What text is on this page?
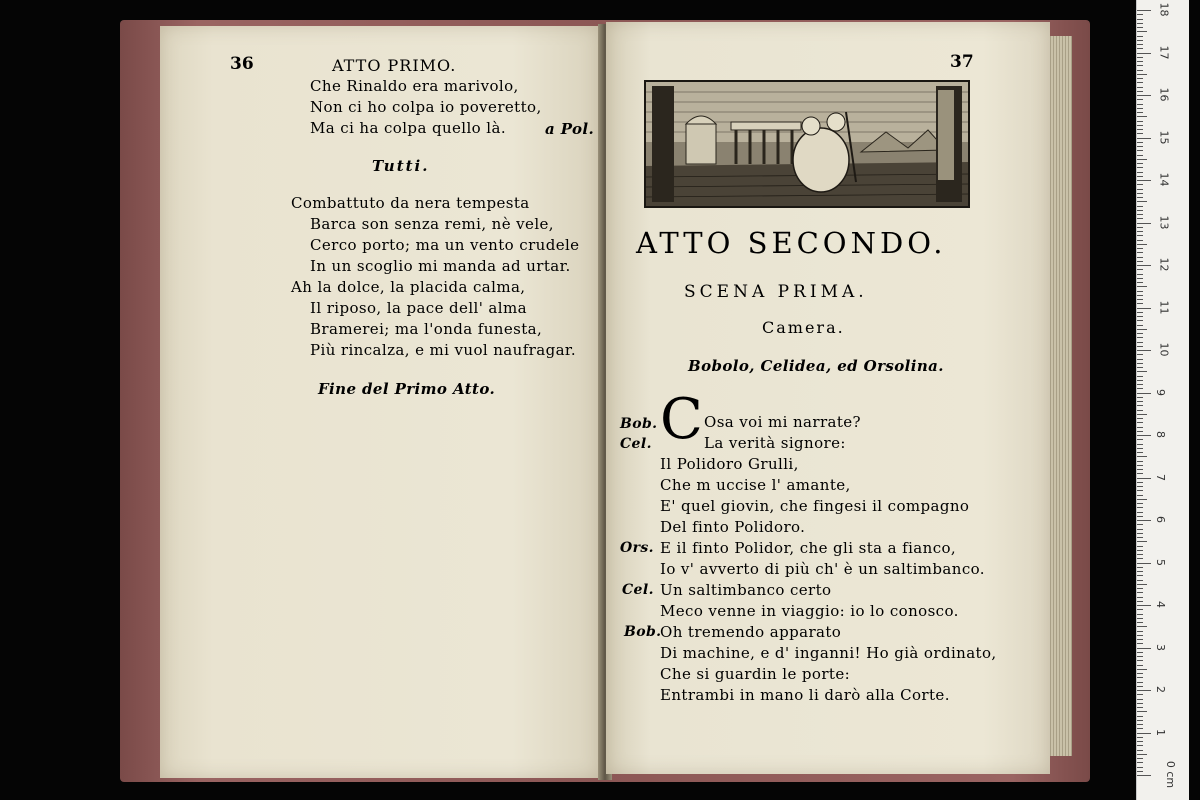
36	ATTO PRIMO.
Che Rinaldo era marivolo,
Non ci ho colpa io poveretto,
Ma ci ha colpa quello là.	a Pol.
Tutti.
Combattuto da nera tempesta
Barca son senza remi, nè vele,
Cerco porto; ma un vento crudele
In un scoglio mi manda ad urtar.
Ah la dolce, la placida calma,
Il riposo, la pace dell' alma
Bramerei; ma l'onda funesta,
Più rincalza, e mi vuol naufragar.
Fine del Primo Atto.
37
ATTO SECONDO.
SCENA PRIMA.
Camera.
Bobolo, Celidea, ed Orsolina.
C
Bob.	Osa voi mi narrate?
Cel.	La verità signore:
Il Polidoro Grulli,
Che m uccise l' amante,
E' quel giovin, che fingesi il compagno
Del finto Polidoro.
Ors. E il finto Polidor, che gli sta a fianco,
Io v' avverto di più ch' è un saltimbanco.
Cel. Un saltimbanco certo
Meco venne in viaggio: io lo conosco.
Bob.
Oh tremendo apparato
Di machine, e d' inganni! Ho già ordinato,
Che si guardin le porte:
Entrambi in mano li darò alla Corte.
0 cm
1
2
3
4
5
6
7
8
9
10
11
12
13
14
15
16
17
18
